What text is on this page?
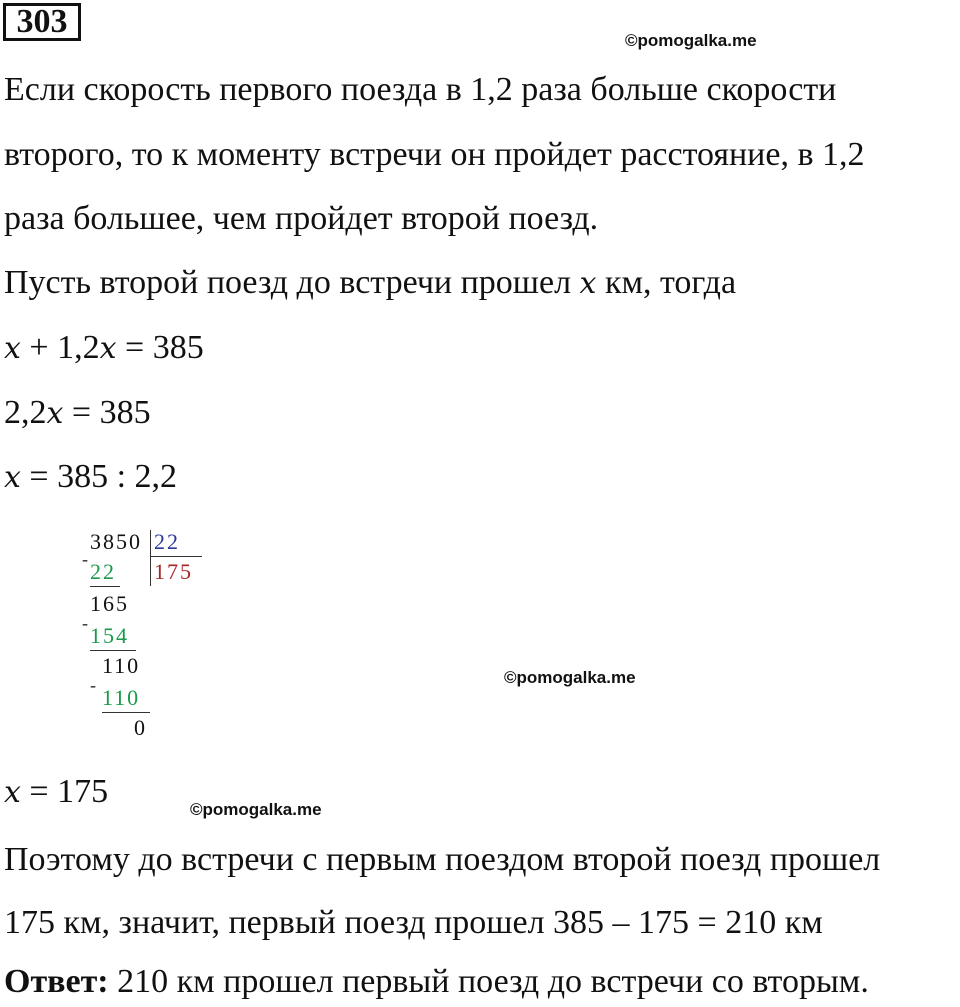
303
©pomogalka.me
Если скорость первого поезда в 1,2 раза больше скорости
второго, то к моменту встречи он пройдет расстояние, в 1,2
раза большее, чем пройдет второй поезд.
Пусть второй поезд до встречи прошел x км, тогда
x + 1,2x = 385
2,2x = 385
x = 385 : 2,2
3850 22
175
- 22
165
- 154
110
- 110
0
©pomogalka.me
x = 175	©pomogalka.me
Поэтому до встречи с первым поездом второй поезд прошел
175 км, значит, первый поезд прошел 385 – 175 = 210 км
Ответ: 210 км прошел первый поезд до встречи со вторым.
